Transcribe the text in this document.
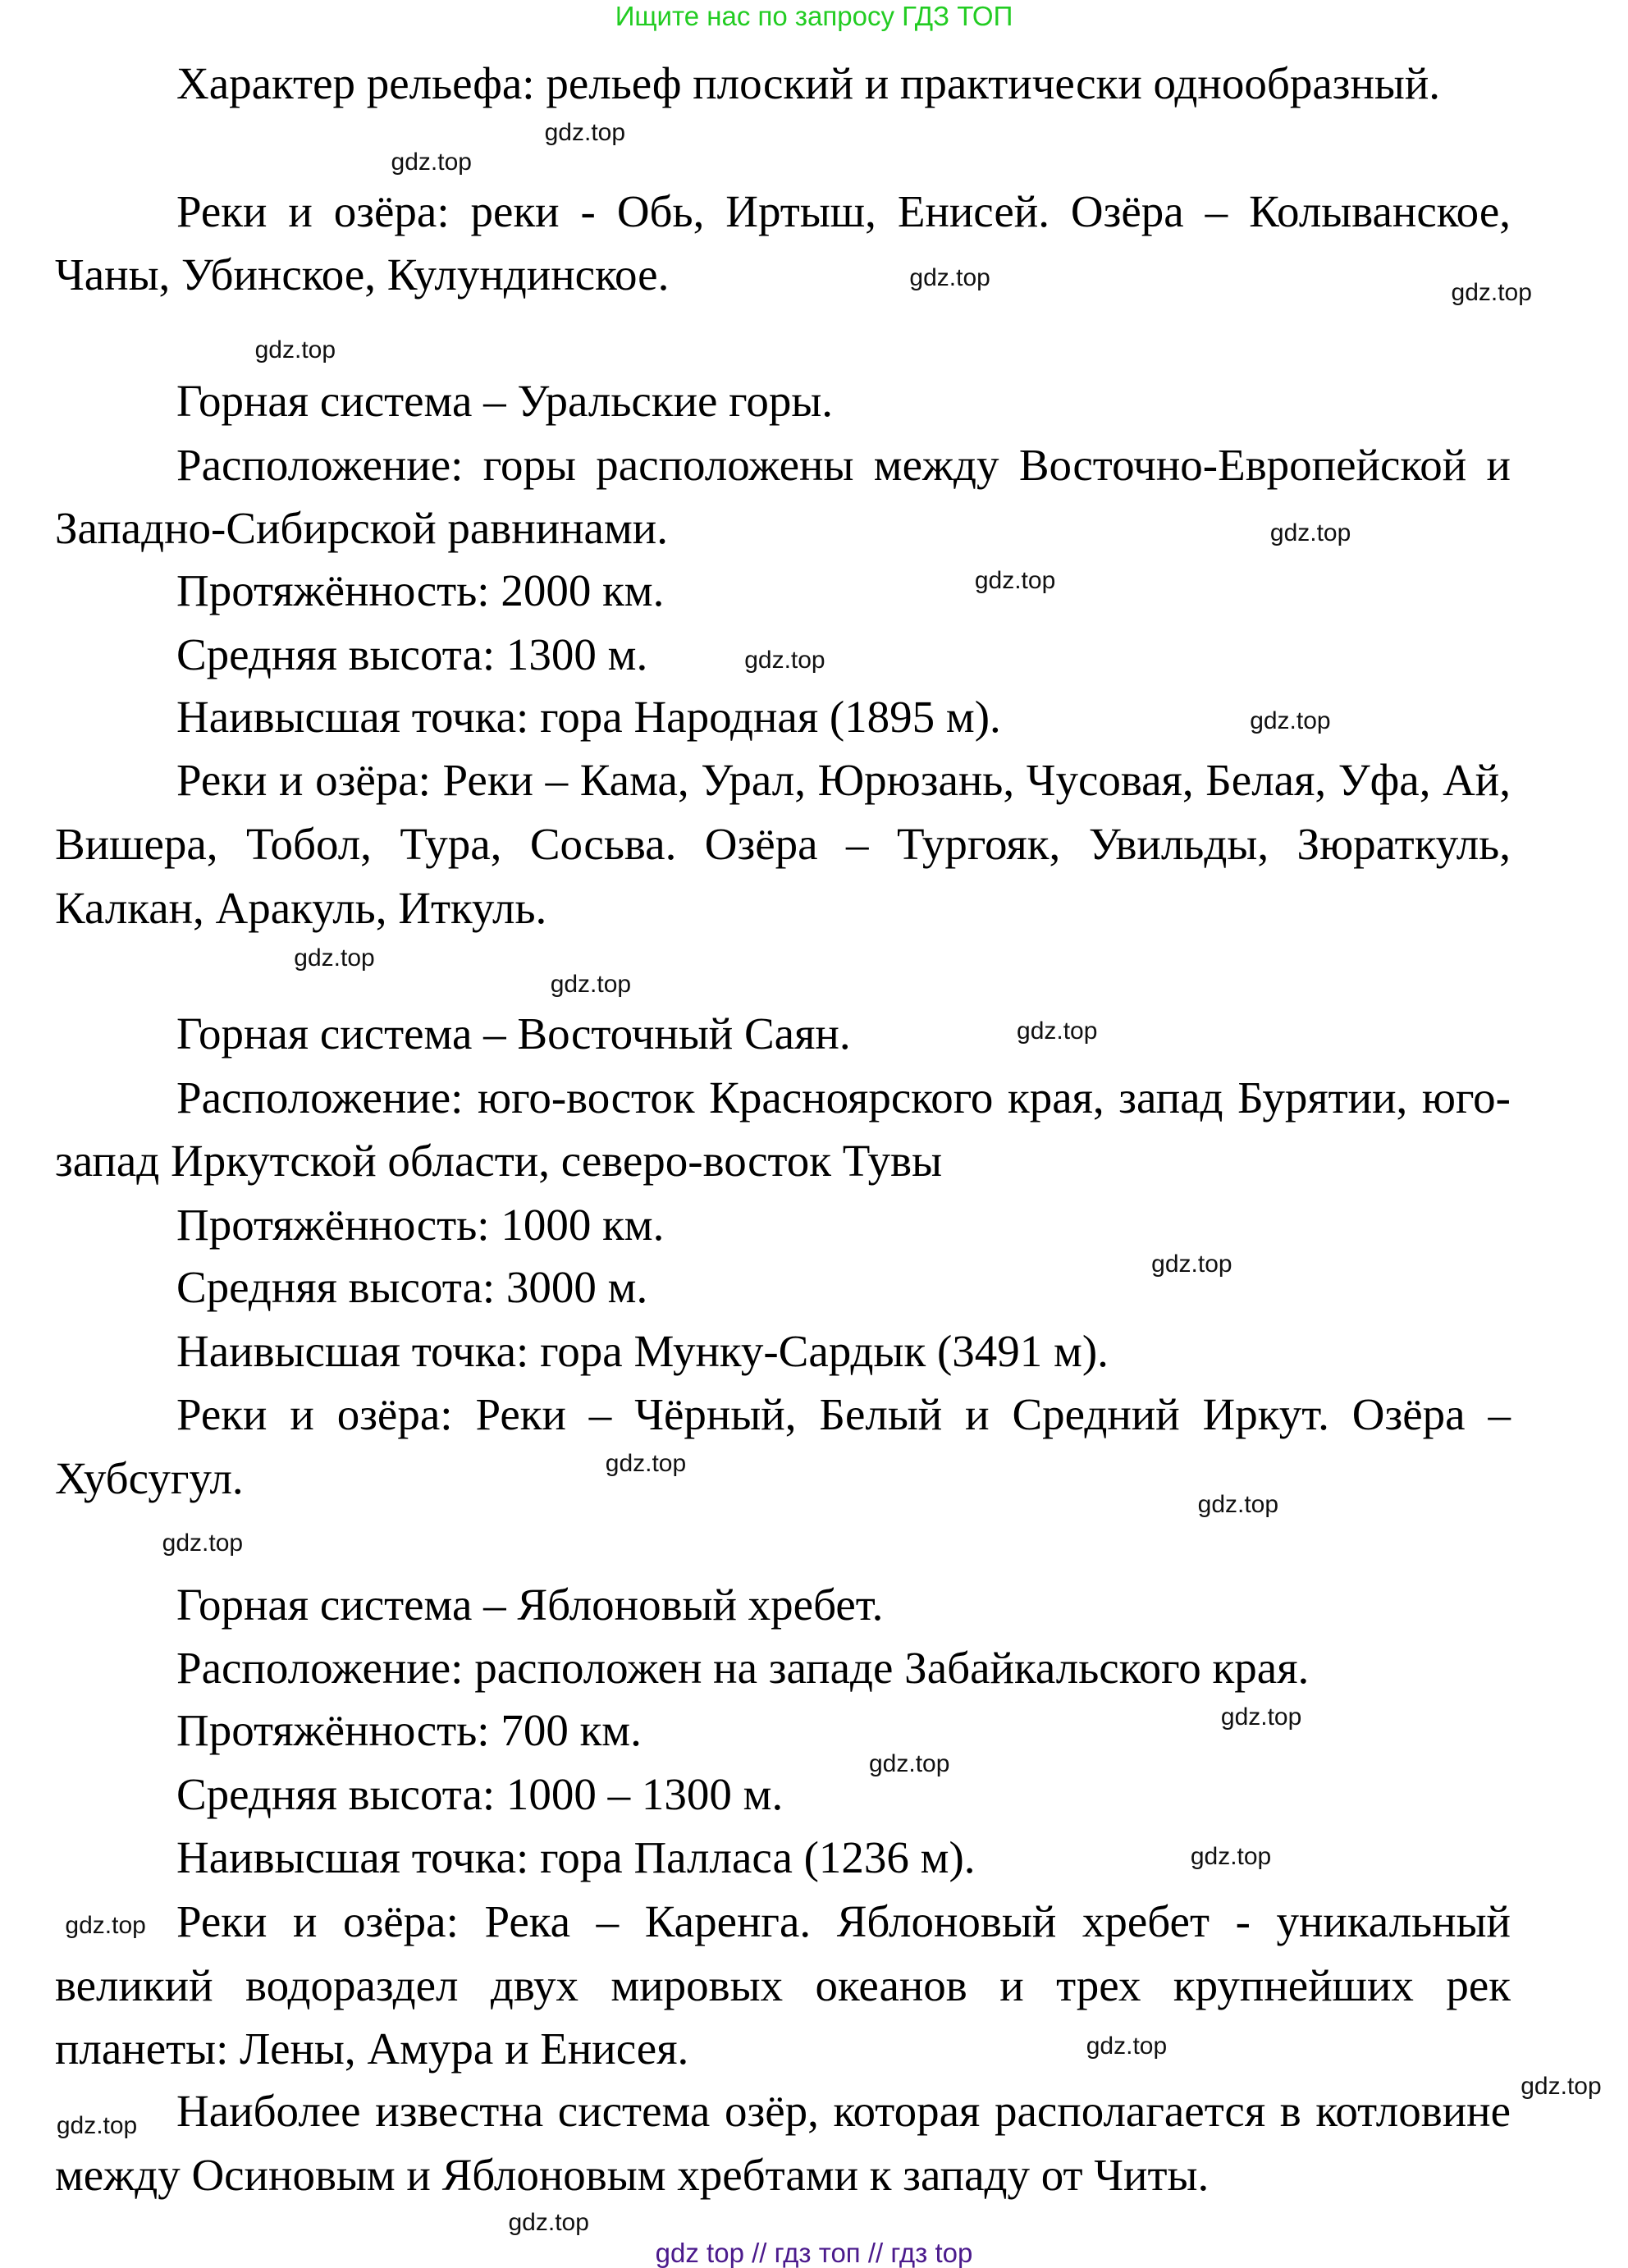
Ищите нас по запросу ГДЗ ТОП

Характер рельефа: рельеф плоский и практически однообразный.

Реки и озёра: реки - Обь, Иртыш, Енисей. Озёра – Колыванское, Чаны, Убинское, Кулундинское.

Горная система – Уральские горы.

Расположение: горы расположены между Восточно-Европейской и Западно-Сибирской равнинами.

Протяжённость: 2000 км.

Средняя высота: 1300 м.

Наивысшая точка: гора Народная (1895 м).

Реки и озёра: Реки – Кама, Урал, Юрюзань, Чусовая, Белая, Уфа, Ай, Вишера, Тобол, Тура, Сосьва. Озёра – Тургояк, Увильды, Зюраткуль, Калкан, Аракуль, Иткуль.

Горная система – Восточный Саян.

Расположение: юго-восток Красноярского края, запад Бурятии, юго-запад Иркутской области, северо-восток Тувы

Протяжённость: 1000 км.

Средняя высота: 3000 м.

Наивысшая точка: гора Мунку-Сардык (3491 м).

Реки и озёра: Реки – Чёрный, Белый и Средний Иркут. Озёра – Хубсугул.

Горная система – Яблоновый хребет.

Расположение: расположен на западе Забайкальского края.

Протяжённость: 700 км.

Средняя высота: 1000 – 1300 м.

Наивысшая точка: гора Палласа (1236 м).

Реки и озёра: Река – Каренга. Яблоновый хребет - уникальный великий водораздел двух мировых океанов и трех крупнейших рек планеты: Лены, Амура и Енисея.

Наиболее известна система озёр, которая располагается в котловине между Осиновым и Яблоновым хребтами к западу от Читы.

gdz.top
gdz.top
gdz.top
gdz.top
gdz.top
gdz.top
gdz.top
gdz.top
gdz.top
gdz.top
gdz.top
gdz.top
gdz.top
gdz.top
gdz.top
gdz.top
gdz.top
gdz.top
gdz.top
gdz.top
gdz.top
gdz.top
gdz.top
gdz.top
gdz top // гдз топ // гдз top
